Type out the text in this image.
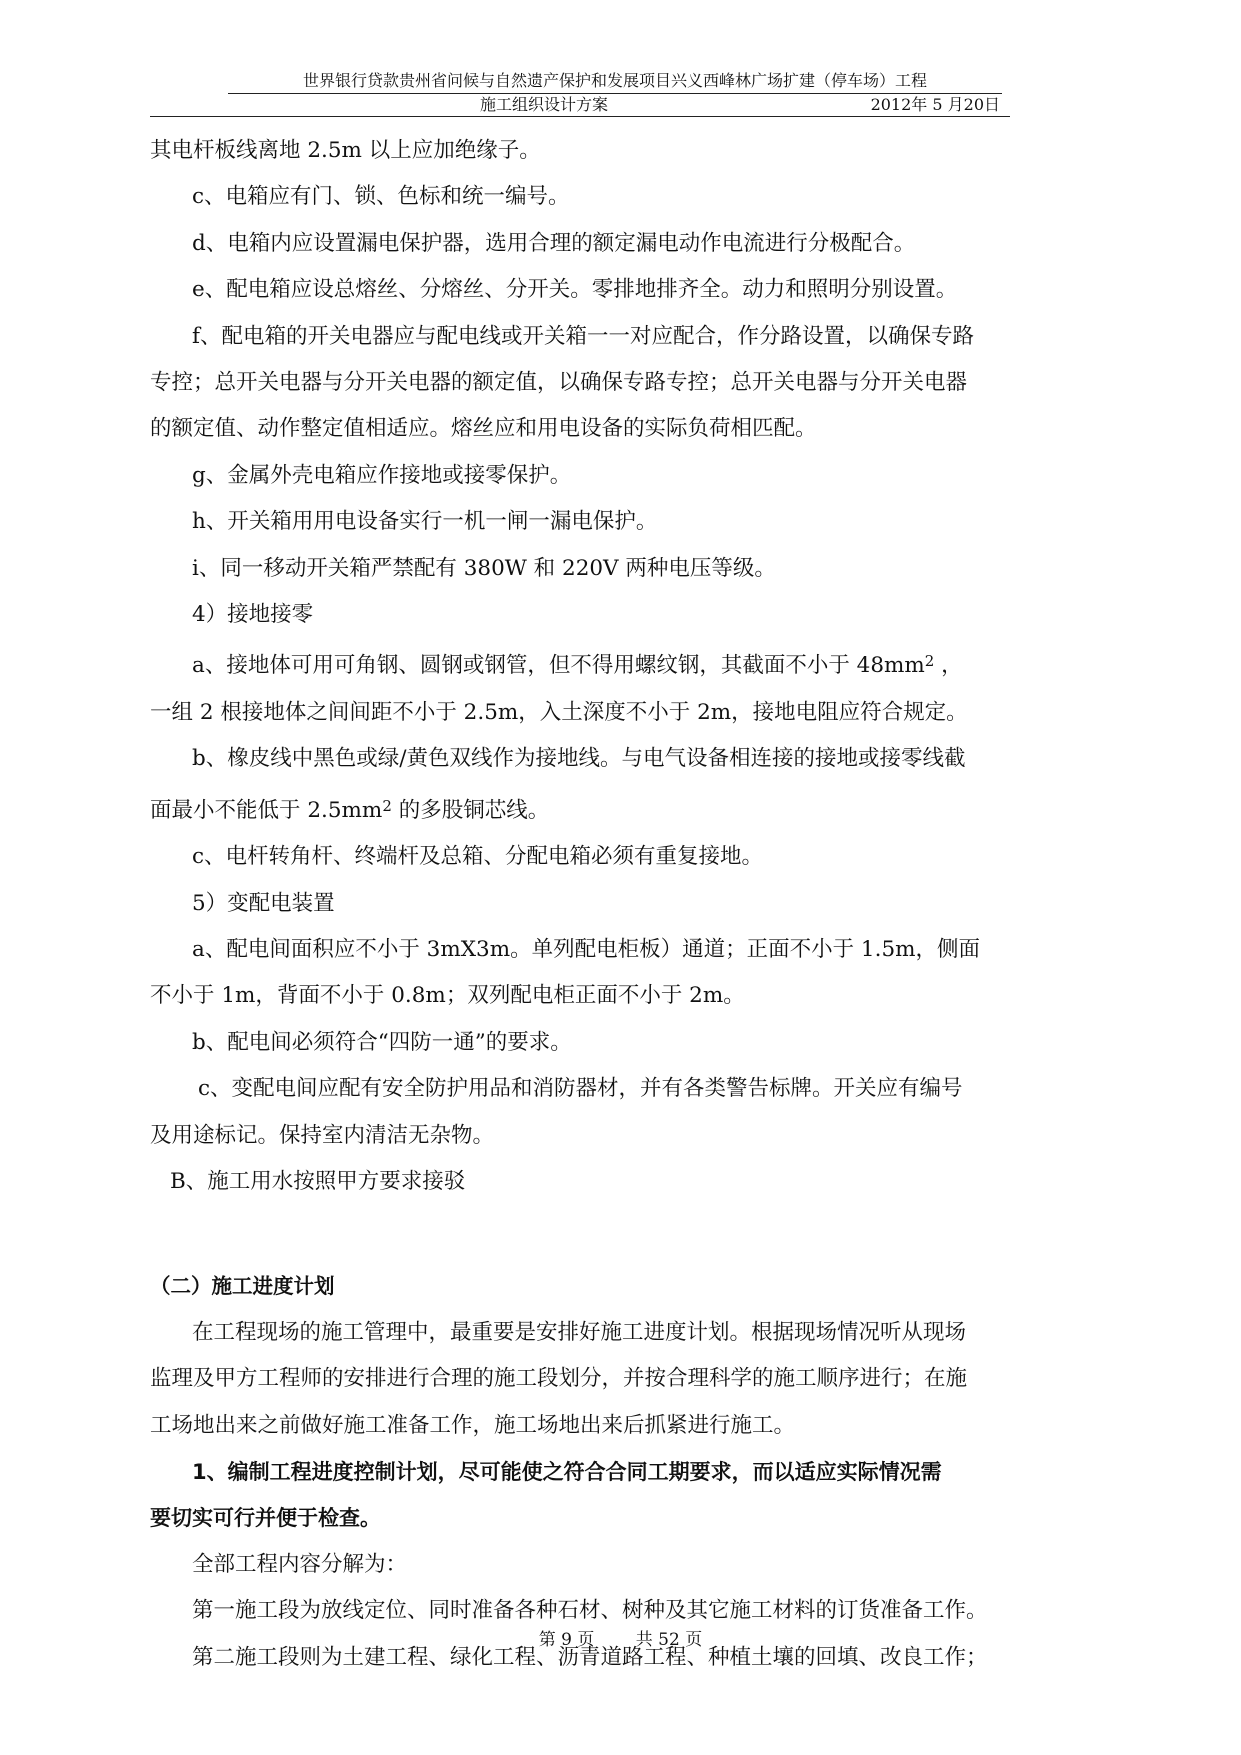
世界银行贷款贵州省问候与自然遗产保护和发展项目兴义西峰林广场扩建（停车场）工程
施工组织设计方案	2012年 5 月20日

其电杆板线离地 2.5m 以上应加绝缘子。

c、电箱应有门、锁、色标和统一编号。

d、电箱内应设置漏电保护器，选用合理的额定漏电动作电流进行分极配合。

e、配电箱应设总熔丝、分熔丝、分开关。零排地排齐全。动力和照明分别设置。

f、配电箱的开关电器应与配电线或开关箱一一对应配合，作分路设置，以确保专路

专控；总开关电器与分开关电器的额定值，以确保专路专控；总开关电器与分开关电器

的额定值、动作整定值相适应。熔丝应和用电设备的实际负荷相匹配。

g、金属外壳电箱应作接地或接零保护。

h、开关箱用用电设备实行一机一闸一漏电保护。

i、同一移动开关箱严禁配有 380W 和 220V 两种电压等级。

4）接地接零

a、接地体可用可角钢、圆钢或钢管，但不得用螺纹钢，其截面不小于 $48mm^2$ ，

一组 2 根接地体之间间距不小于 2.5m，入土深度不小于 2m，接地电阻应符合规定。

b、橡皮线中黑色或绿/黄色双线作为接地线。与电气设备相连接的接地或接零线截

面最小不能低于 $2.5mm^2$ 的多股铜芯线。

c、电杆转角杆、终端杆及总箱、分配电箱必须有重复接地。

5）变配电装置

a、配电间面积应不小于 3mX3m。单列配电柜板）通道；正面不小于 1.5m，侧面

不小于 1m，背面不小于 0.8m；双列配电柜正面不小于 2m。

b、配电间必须符合“四防一通”的要求。

c、变配电间应配有安全防护用品和消防器材，并有各类警告标牌。开关应有编号

及用途标记。保持室内清洁无杂物。

B、施工用水按照甲方要求接驳

（二）施工进度计划

在工程现场的施工管理中，最重要是安排好施工进度计划。根据现场情况听从现场

监理及甲方工程师的安排进行合理的施工段划分，并按合理科学的施工顺序进行；在施

工场地出来之前做好施工准备工作，施工场地出来后抓紧进行施工。

1、编制工程进度控制计划，尽可能使之符合合同工期要求，而以适应实际情况需

要切实可行并便于检查。

全部工程内容分解为：

第一施工段为放线定位、同时准备各种石材、树种及其它施工材料的订货准备工作。

第二施工段则为土建工程、绿化工程、沥青道路工程、种植土壤的回填、改良工作；

第 9 页 共 52 页
